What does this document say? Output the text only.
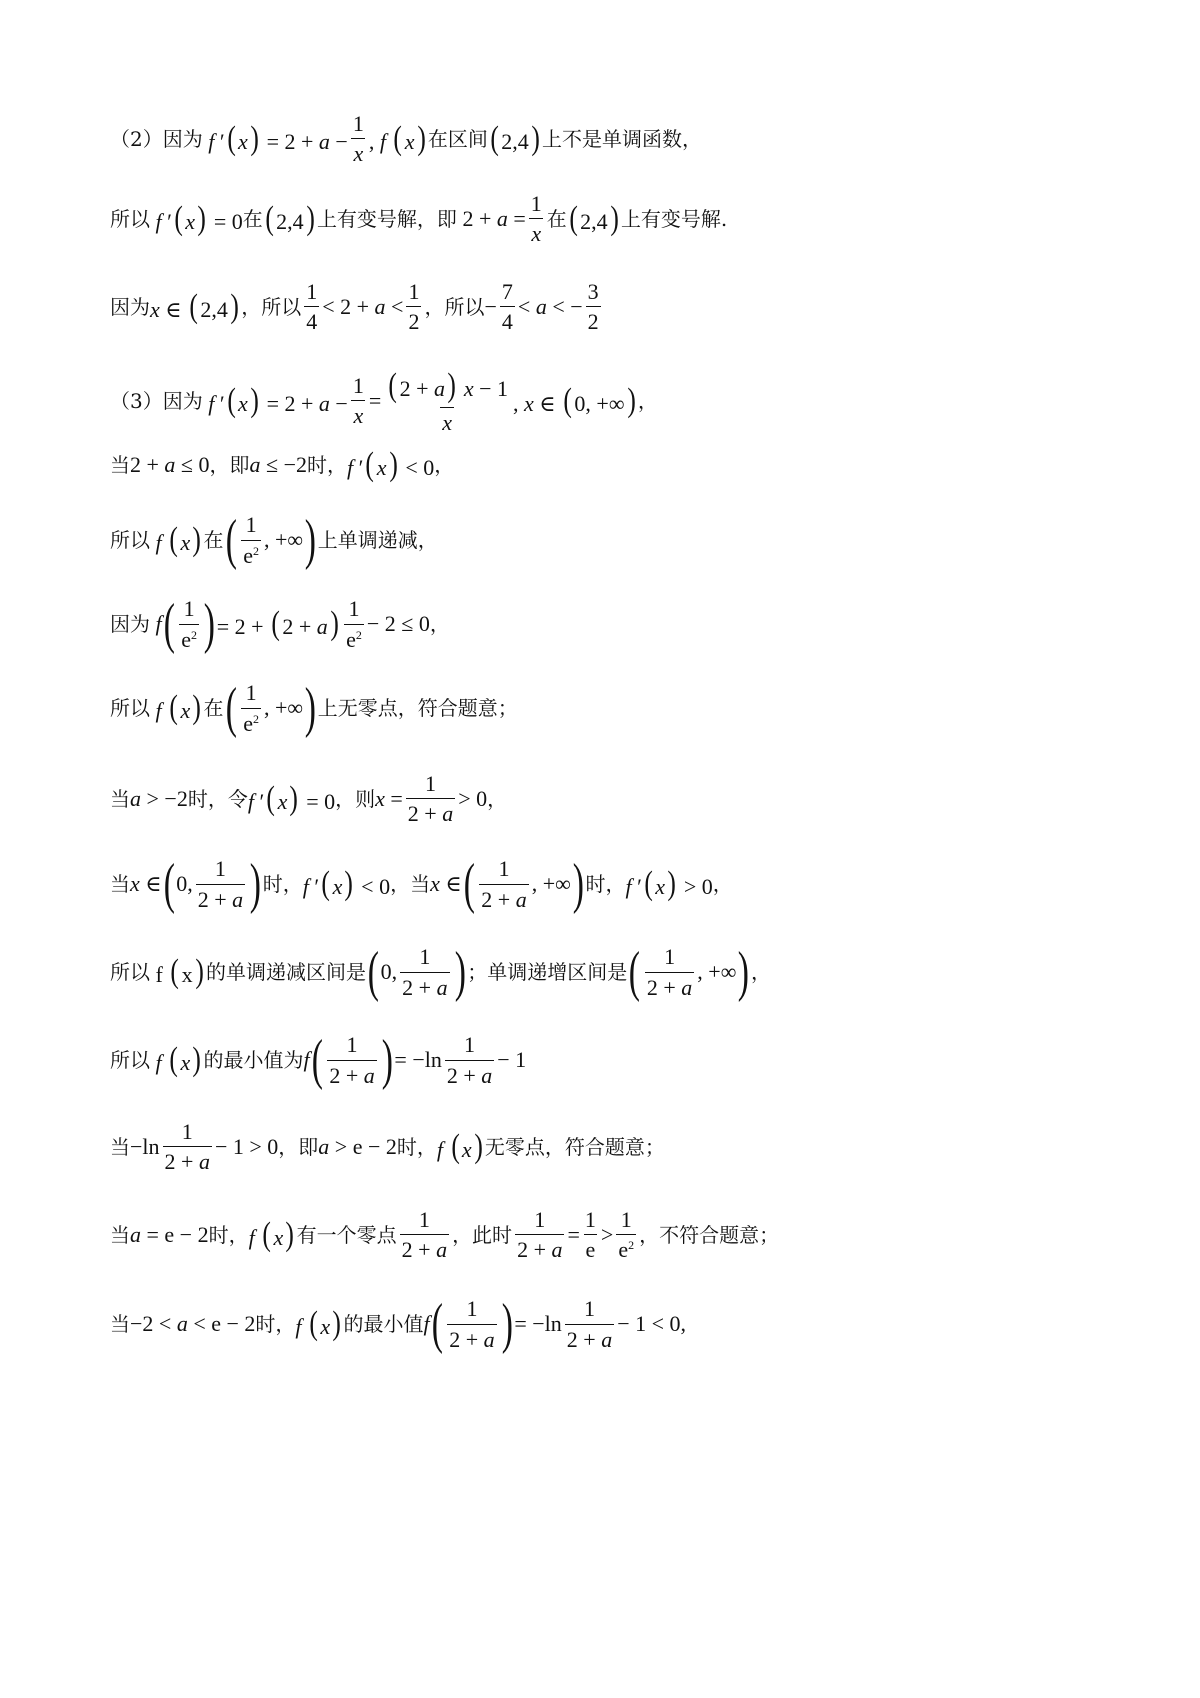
（2）因为 f ′( $x) = 2 + a - \frac{1}{x}$ , f ( x) 在区间 ( 2,4) 上不是单调函数，
所以 f ′( x) = 0 在 ( 2,4) 上有变号解，即 $2 + a = \frac{1}{x}$ 在 ( 2,4) 上有变号解.
因为 x ∈ ( 2,4) ，所以 $\frac{1}{4} < 2 + a < \frac{1}{2}$ ，所以 − $\frac{7}{4} < a$ < − $\frac{3}{2}$
（3）因为 f ′( $x) = 2 + a - \frac{1}{x} = \frac{( 2 + a) x - 1}{x}$ , x ∈ ( 0, +∞) ，
当 2 + a ≤ 0 ，即 a ≤ −2 时， f ′( x) < 0 ，
所以 f ( x) 在 ( $\frac{1}{e^2}$ , +∞ ) 上单调递减，
因为 f ( $\frac{1}{e^2}$ ) = 2 + ( $2 + a) \frac{1}{e^2} - 2 \le 0$ ，
所以 f ( x) 在 ( $\frac{1}{e^2}$ , +∞ ) 上无零点，符合题意；
当 a > −2 时，令 f ′( x) = 0 ，则 $x = \frac{1}{2 + a} > 0$ ，
当 x ∈ ( 0, $\frac{1}{2 + a}$ ) 时， f ′( x) < 0 ，当 x ∈ ( $\frac{1}{2 + a}$ , +∞ ) 时， f ′( x) > 0 ，
所以 f ( x) 的单调递减区间是 ( 0, $\frac{1}{2 + a}$ ) ；单调递增区间是 ( $\frac{1}{2 + a}$ , +∞ ) ，
所以 f ( x) 的最小值为 f ( $\frac{1}{2 + a}$ ) = $-\ln \frac{1}{2 + a} - 1$
当 $-\ln \frac{1}{2 + a} - 1 > 0$ ，即 a > e − 2 时， f ( x) 无零点，符合题意；
当 a = e − 2 时， f ( x) 有一个零点 $\frac{1}{2 + a}$ ，此时 $\frac{1}{2 + a} = \frac{1}{e} > \frac{1}{e^2}$ ，不符合题意；
当 −2 < a < e − 2 时， f ( x) 的最小值 f ( $\frac{1}{2 + a}$ ) = $-\ln \frac{1}{2 + a} - 1 < 0$,
